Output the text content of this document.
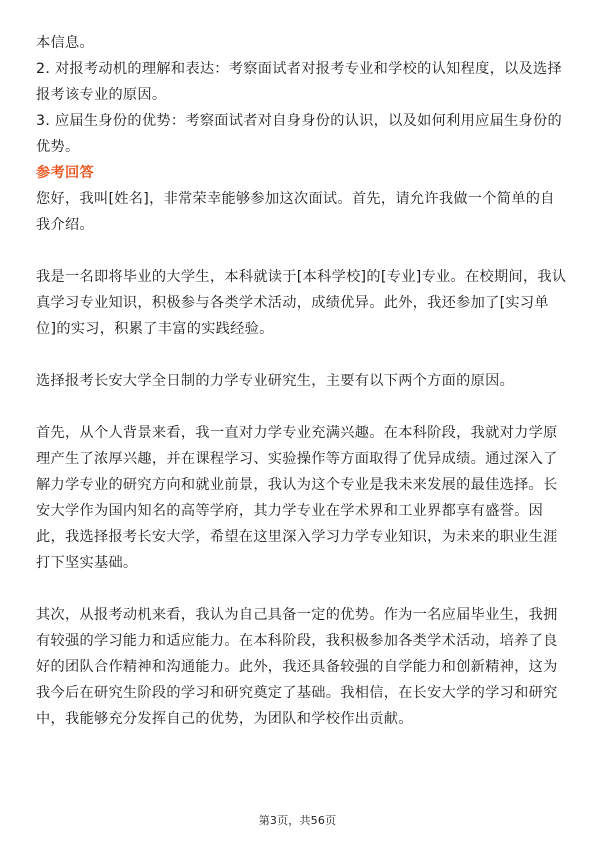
本信息。
2. 对报考动机的理解和表达：考察面试者对报考专业和学校的认知程度，以及选择
报考该专业的原因。
3. 应届生身份的优势：考察面试者对自身身份的认识，以及如何利用应届生身份的
优势。
参考回答
您好，我叫[姓名]，非常荣幸能够参加这次面试。首先，请允许我做一个简单的自
我介绍。
我是一名即将毕业的大学生，本科就读于[本科学校]的[专业]专业。在校期间，我认
真学习专业知识，积极参与各类学术活动，成绩优异。此外，我还参加了[实习单
位]的实习，积累了丰富的实践经验。
选择报考长安大学全日制的力学专业研究生，主要有以下两个方面的原因。
首先，从个人背景来看，我一直对力学专业充满兴趣。在本科阶段，我就对力学原
理产生了浓厚兴趣，并在课程学习、实验操作等方面取得了优异成绩。通过深入了
解力学专业的研究方向和就业前景，我认为这个专业是我未来发展的最佳选择。长
安大学作为国内知名的高等学府，其力学专业在学术界和工业界都享有盛誉。因
此，我选择报考长安大学，希望在这里深入学习力学专业知识，为未来的职业生涯
打下坚实基础。
其次，从报考动机来看，我认为自己具备一定的优势。作为一名应届毕业生，我拥
有较强的学习能力和适应能力。在本科阶段，我积极参加各类学术活动，培养了良
好的团队合作精神和沟通能力。此外，我还具备较强的自学能力和创新精神，这为
我今后在研究生阶段的学习和研究奠定了基础。我相信，在长安大学的学习和研究
中，我能够充分发挥自己的优势，为团队和学校作出贡献。
第3页，共56页
